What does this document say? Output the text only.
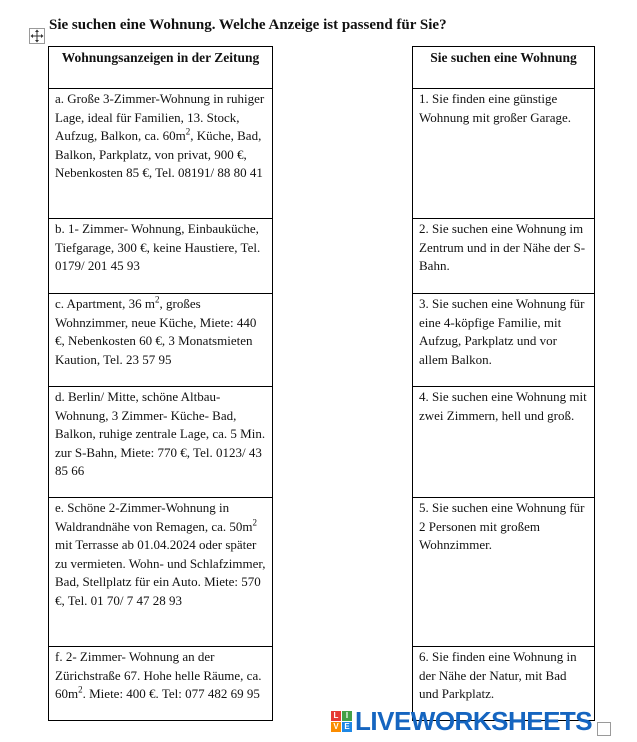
Sie suchen eine Wohnung. Welche Anzeige ist passend für Sie?
Wohnungsanzeigen in der Zeitung		Sie suchen eine Wohnung
a. Große 3-Zimmer-Wohnung in ruhiger Lage, ideal für Familien, 13. Stock, Aufzug, Balkon, ca. $60m^2$, Küche, Bad, Balkon, Parkplatz, von privat, 900 €, Nebenkosten 85 €, Tel. 08191/ 88 80 41		1. Sie finden eine günstige Wohnung mit großer Garage.
b. 1- Zimmer- Wohnung, Einbauküche, Tiefgarage, 300 €, keine Haustiere, Tel. 0179/ 201 45 93		2. Sie suchen eine Wohnung im Zentrum und in der Nähe der S-Bahn.
c. Apartment, 36 $m^2$, großes Wohnzimmer, neue Küche, Miete: 440 €, Nebenkosten 60 €, 3 Monatsmieten Kaution, Tel. 23 57 95		3. Sie suchen eine Wohnung für eine 4-köpfige Familie, mit Aufzug, Parkplatz und vor allem Balkon.
d. Berlin/ Mitte, schöne Altbau-Wohnung, 3 Zimmer- Küche- Bad, Balkon, ruhige zentrale Lage, ca. 5 Min. zur S-Bahn, Miete: 770 €, Tel. 0123/ 43 85 66		4. Sie suchen eine Wohnung mit zwei Zimmern, hell und groß.
e. Schöne 2-Zimmer-Wohnung in Waldrandnähe von Remagen, ca. $50m^2$ mit Terrasse ab 01.04.2024 oder später zu vermieten. Wohn- und Schlafzimmer, Bad, Stellplatz für ein Auto. Miete: 570 €, Tel. 01 70/ 7 47 28 93		5. Sie suchen eine Wohnung für 2 Personen mit großem Wohnzimmer.
f. 2- Zimmer- Wohnung an der Zürichstraße 67. Hohe helle Räume, ca. $60m^2$. Miete: 400 €. Tel: 077 482 69 95		6. Sie finden eine Wohnung in der Nähe der Natur, mit Bad und Parkplatz.
L I
V E LIVEWORKSHEETS
